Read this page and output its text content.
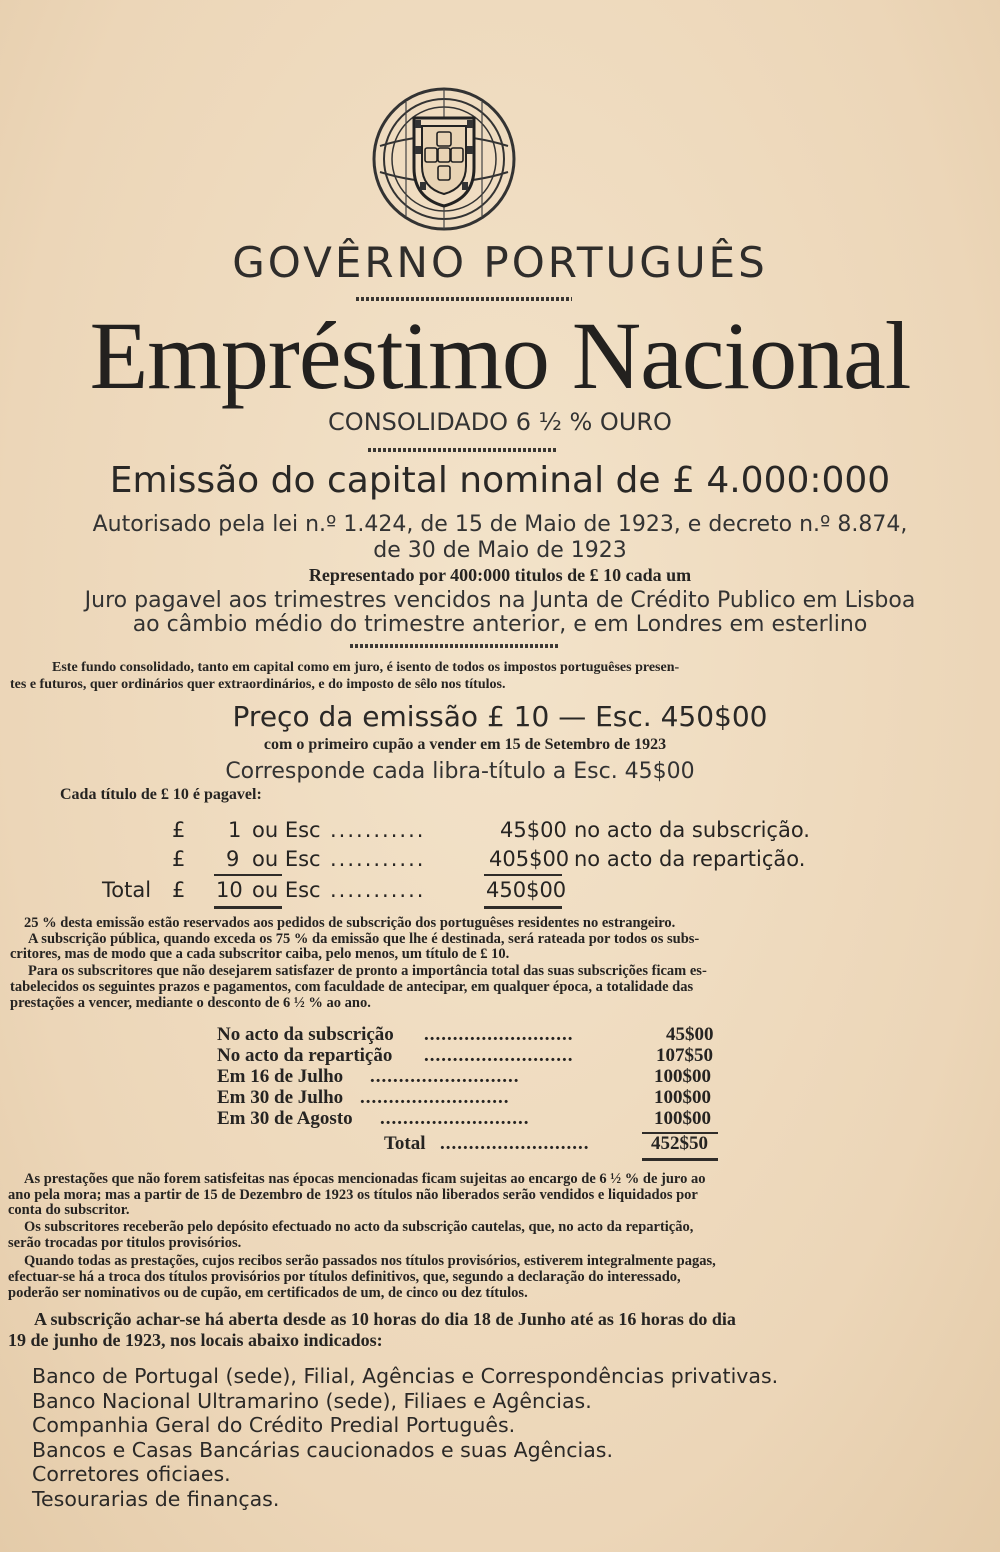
GOVÊRNO PORTUGUÊS
Empréstimo Nacional
CONSOLIDADO 6 ½ % OURO
Emissão do capital nominal de £ 4.000:000
Autorisado pela lei n.º 1.424, de 15 de Maio de 1923, e decreto n.º 8.874,
de 30 de Maio de 1923
Representado por 400:000 titulos de £ 10 cada um
Juro pagavel aos trimestres vencidos na Junta de Crédito Publico em Lisboa
ao câmbio médio do trimestre anterior, e em Londres em esterlino
Este fundo consolidado, tanto em capital como em juro, é isento de todos os impostos portuguêses presen-
tes e futuros, quer ordinários quer extraordinários, e do imposto de sêlo nos títulos.
Preço da emissão £ 10 — Esc. 450$00
com o primeiro cupão a vender em 15 de Setembro de 1923
Corresponde cada libra-título a Esc. 45$00
Cada título de £ 10 é pagavel:
£ 1 ou Esc ...........	45$00 no acto da subscrição.
£ 9 ou Esc ...........	405$00 no acto da repartição.
Total £ 10 ou Esc ...........	450$00
25 % desta emissão estão reservados aos pedidos de subscrição dos portuguêses residentes no estrangeiro.
A subscrição pública, quando exceda os 75 % da emissão que lhe é destinada, será rateada por todos os subs-
critores, mas de modo que a cada subscritor caiba, pelo menos, um título de £ 10.
Para os subscritores que não desejarem satisfazer de pronto a importância total das suas subscrições ficam es-
tabelecidos os seguintes prazos e pagamentos, com faculdade de antecipar, em qualquer época, a totalidade das
prestações a vencer, mediante o desconto de 6 ½ % ao ano.
No acto da subscrição ..........................	45$00
No acto da repartição ..........................	107$50
Em 16 de Julho ..........................	100$00
Em 30 de Julho ..........................	100$00
Em 30 de Agosto ..........................	100$00
Total ..........................	452$50
As prestações que não forem satisfeitas nas épocas mencionadas ficam sujeitas ao encargo de 6 ½ % de juro ao
ano pela mora; mas a partir de 15 de Dezembro de 1923 os títulos não liberados serão vendidos e liquidados por
conta do subscritor.
Os subscritores receberão pelo depósito efectuado no acto da subscrição cautelas, que, no acto da repartição,
serão trocadas por titulos provisórios.
Quando todas as prestações, cujos recibos serão passados nos títulos provisórios, estiverem integralmente pagas,
efectuar-se há a troca dos títulos provisórios por títulos definitivos, que, segundo a declaração do interessado,
poderão ser nominativos ou de cupão, em certificados de um, de cinco ou dez títulos.
A subscrição achar-se há aberta desde as 10 horas do dia 18 de Junho até as 16 horas do dia
19 de junho de 1923, nos locais abaixo indicados:
Banco de Portugal (sede), Filial, Agências e Correspondências privativas.
Banco Nacional Ultramarino (sede), Filiaes e Agências.
Companhia Geral do Crédito Predial Português.
Bancos e Casas Bancárias caucionados e suas Agências.
Corretores oficiaes.
Tesourarias de finanças.
